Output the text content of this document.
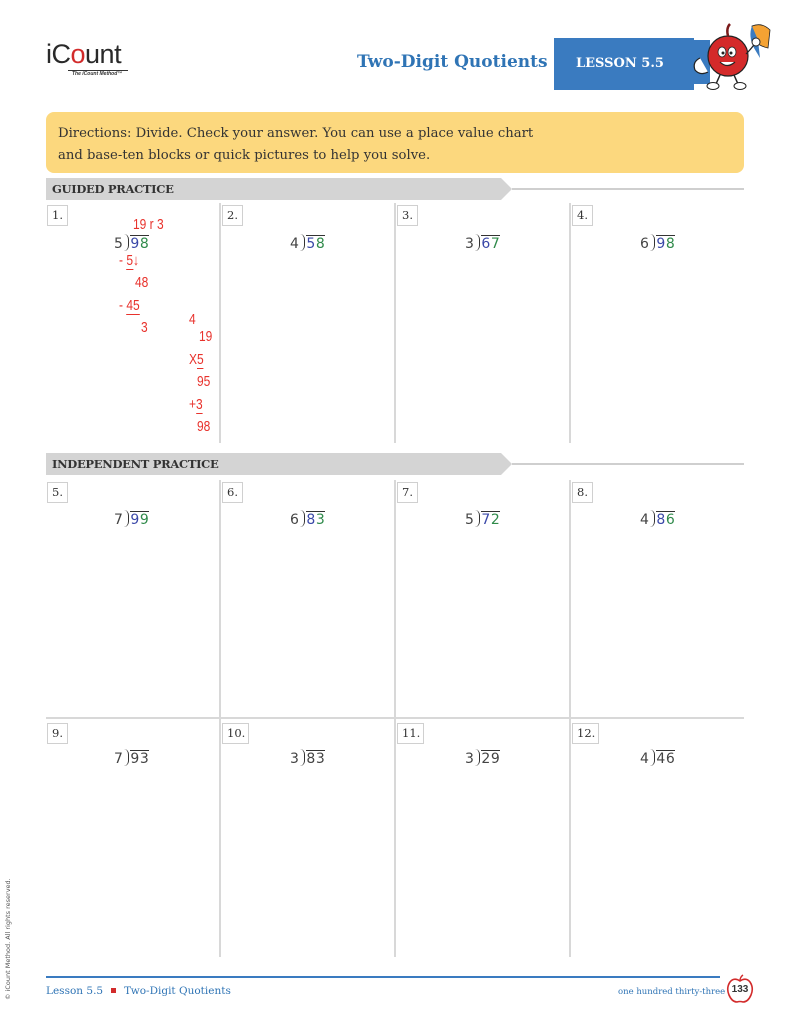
iCount
The iCount Method™
Two-Digit Quotients LESSON 5.5

Directions: Divide. Check your answer. You can use a place value chart

and base-ten blocks or quick pictures to help you solve.

GUIDED PRACTICE
1.
5 98
19 r 3
- 5↓
48
- 45
3	4
19
X5
95
+3
98
2.
4 58
3.
3 67
4.
6 98
INDEPENDENT PRACTICE
5.
7 99
6.
6 83
7.
5 72
8.
4 86
9.
7 93
10.
3 83
11.
3 29
12.
4 46
© iCount Method. All rights reserved.	Lesson 5.5 Two-Digit Quotients	one hundred thirty-three 133
